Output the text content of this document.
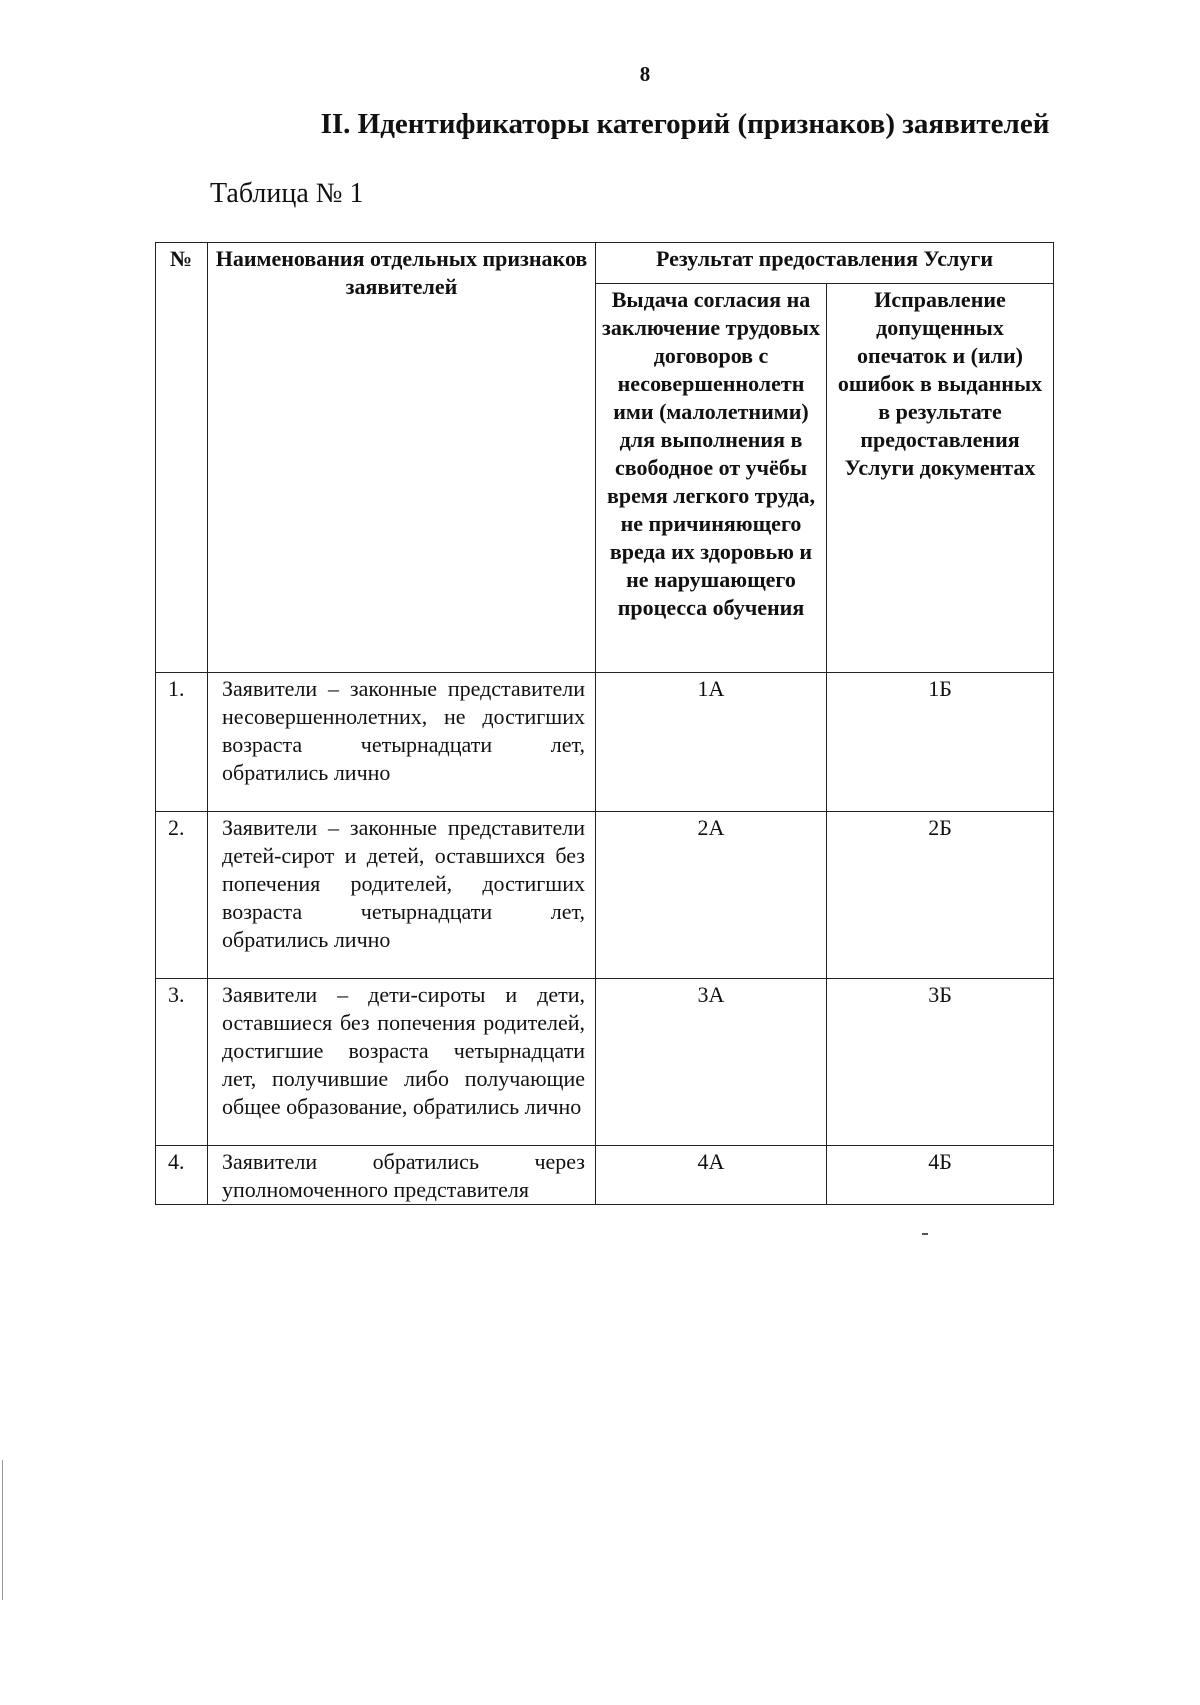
8
II. Идентификаторы категорий (признаков) заявителей
Таблица № 1
№	Наименования отдельных признаков заявителей	Результат предоставления Услуги	
		Выдача согласия на заключение трудовых договоров с несовершеннолетн ими (малолетними) для выполнения в свободное от учёбы время легкого труда, не причиняющего вреда их здоровью и не нарушающего процесса обучения	Исправление допущенных опечаток и (или) ошибок в выданных в результате предоставления Услуги документах
1.	Заявители – законные представители несовершеннолетних, не достигших возраста четырнадцати лет, обратились лично	1А	1Б
2.	Заявители – законные представители детей-сирот и детей, оставшихся без попечения родителей, достигших возраста четырнадцати лет, обратились лично	2А	2Б
3.	Заявители – дети-сироты и дети, оставшиеся без попечения родителей, достигшие возраста четырнадцати лет, получившие либо получающие общее образование, обратились лично	3А	3Б
4.	Заявители обратились через уполномоченного представителя	4А	4Б
